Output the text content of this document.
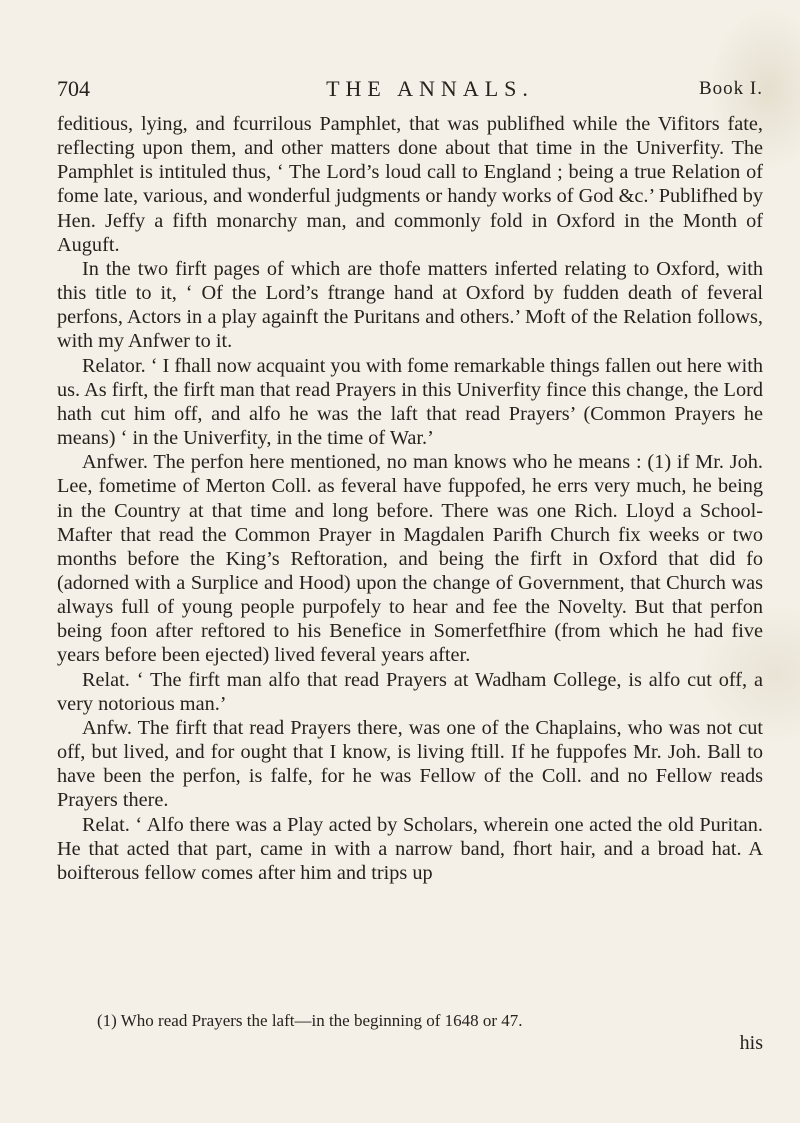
704	THE ANNALS.	Book I.

feditious, lying, and fcurrilous Pamphlet, that was publifhed while the Vifitors fate, reflecting upon them, and other matters done about that time in the Univerfity. The Pamphlet is intituled thus, ‘ The Lord’s loud call to England ; being a true Relation of fome late, various, and wonderful judgments or handy works of God &c.’ Publifhed by Hen. Jeffy a fifth monarchy man, and commonly fold in Oxford in the Month of Auguft.

In the two firft pages of which are thofe matters inferted relating to Oxford, with this title to it, ‘ Of the Lord’s ftrange hand at Oxford by fudden death of feveral perfons, Actors in a play againft the Puritans and others.’ Moft of the Relation follows, with my Anfwer to it.

Relator. ‘ I fhall now acquaint you with fome remarkable things fallen out here with us. As firft, the firft man that read Prayers in this Univerfity fince this change, the Lord hath cut him off, and alfo he was the laft that read Prayers’ (Common Prayers he means) ‘ in the Univerfity, in the time of War.’

Anfwer. The perfon here mentioned, no man knows who he means : (1) if Mr. Joh. Lee, fometime of Merton Coll. as feveral have fuppofed, he errs very much, he being in the Country at that time and long before. There was one Rich. Lloyd a School-Mafter that read the Common Prayer in Magdalen Parifh Church fix weeks or two months before the King’s Reftoration, and being the firft in Oxford that did fo (adorned with a Surplice and Hood) upon the change of Government, that Church was always full of young people purpofely to hear and fee the Novelty. But that perfon being foon after reftored to his Benefice in Somerfetfhire (from which he had five years before been ejected) lived feveral years after.

Relat. ‘ The firft man alfo that read Prayers at Wadham College, is alfo cut off, a very notorious man.’

Anfw. The firft that read Prayers there, was one of the Chaplains, who was not cut off, but lived, and for ought that I know, is living ftill. If he fuppofes Mr. Joh. Ball to have been the perfon, is falfe, for he was Fellow of the Coll. and no Fellow reads Prayers there.

Relat. ‘ Alfo there was a Play acted by Scholars, wherein one acted the old Puritan. He that acted that part, came in with a narrow band, fhort hair, and a broad hat. A boifterous fellow comes after him and trips up

(1) Who read Prayers the laft—in the beginning of 1648 or 47.
his
